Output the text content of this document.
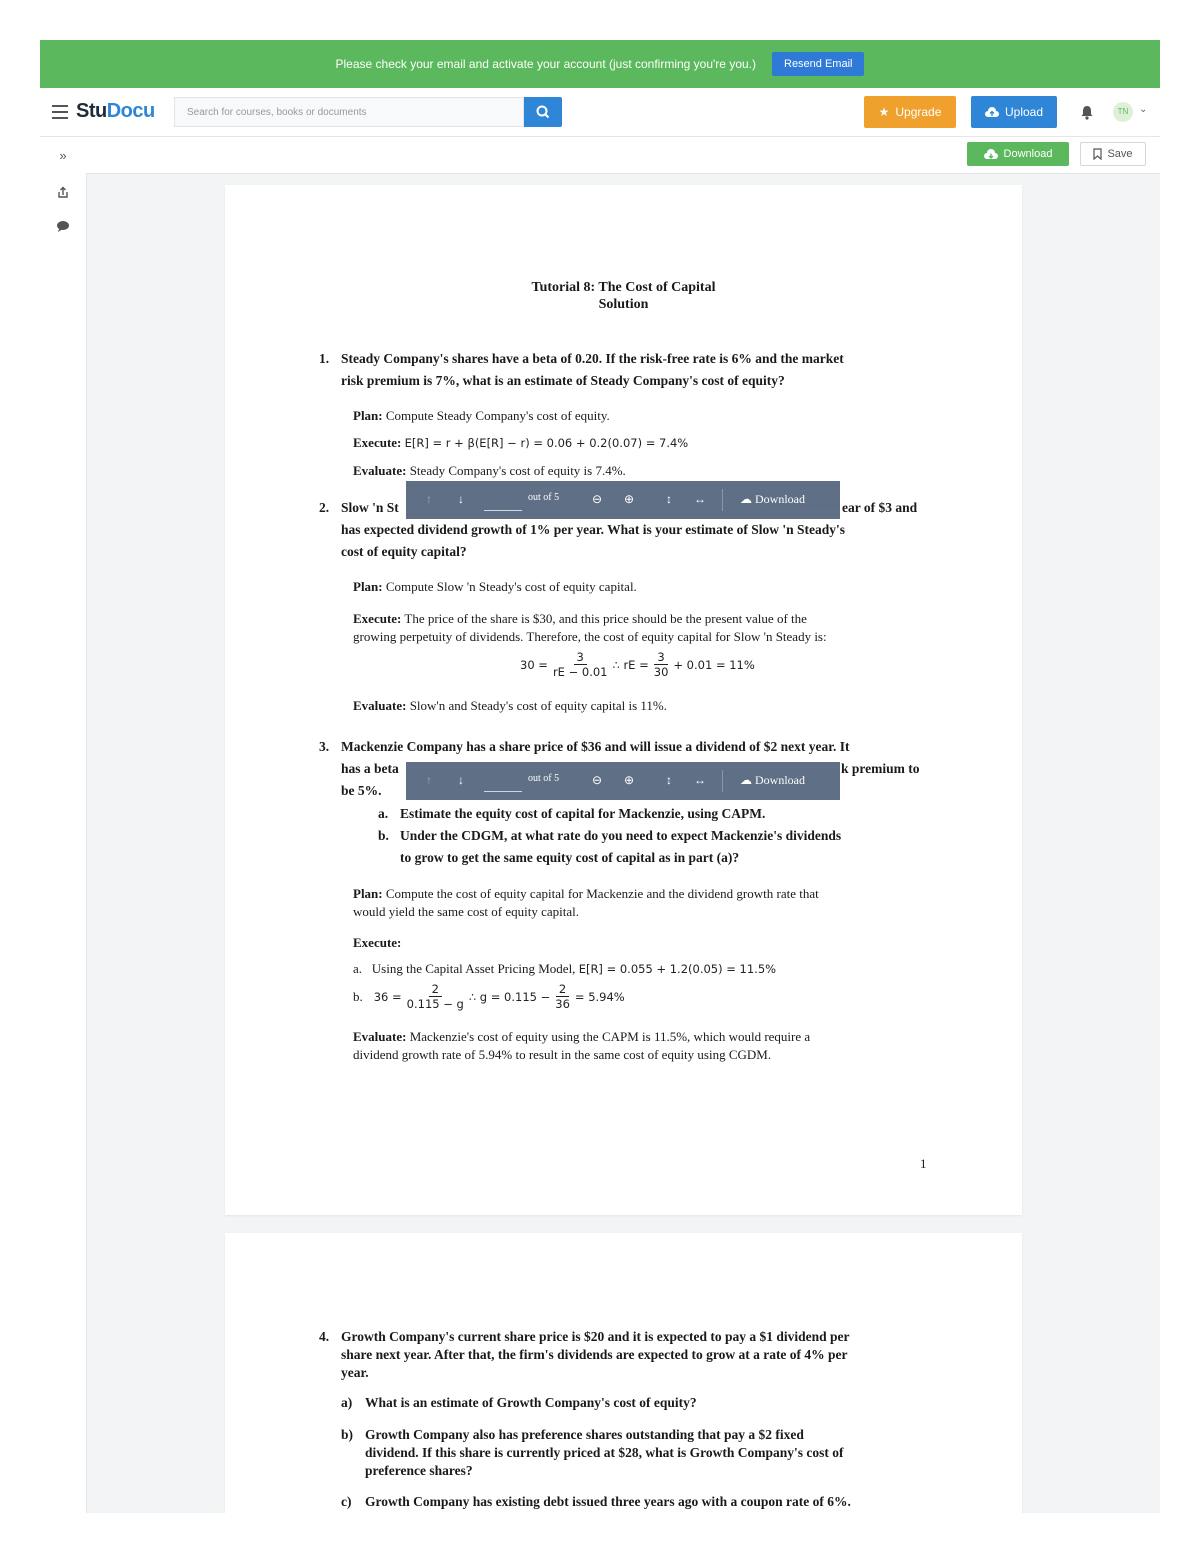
Please check your email and activate your account (just confirming you're you.)	Resend Email
StuDocu	Search for courses, books or documents	★ Upgrade	Upload	TN	⌄
»	Download	Save
Tutorial 8: The Cost of Capital
Solution
1. Steady Company's shares have a beta of 0.20. If the risk-free rate is 6% and the market
risk premium is 7%, what is an estimate of Steady Company's cost of equity?
Plan: Compute Steady Company's cost of equity.
Execute: E[R] = r + β(E[R] − r) = 0.06 + 0.2(0.07) = 7.4%
Evaluate: Steady Company's cost of equity is 7.4%.
2. Slow 'n St	ear of $3 and
has expected dividend growth of 1% per year. What is your estimate of Slow 'n Steady's
cost of equity capital?
Plan: Compute Slow 'n Steady's cost of equity capital.
Execute: The price of the share is $30, and this price should be the present value of the
growing perpetuity of dividends. Therefore, the cost of equity capital for Slow 'n Steady is:
$30 = \frac{3}{rE - 0.01}$ ∴ rE = $\frac{3}{30} + 0.01 = 11\%$
Evaluate: Slow'n and Steady's cost of equity capital is 11%.
3. Mackenzie Company has a share price of $36 and will issue a dividend of $2 next year. It
has a beta	k premium to
be 5%.
a. Estimate the equity cost of capital for Mackenzie, using CAPM.
b. Under the CDGM, at what rate do you need to expect Mackenzie's dividends
to grow to get the same equity cost of capital as in part (a)?
Plan: Compute the cost of equity capital for Mackenzie and the dividend growth rate that
would yield the same cost of equity capital.
Execute:
a. Using the Capital Asset Pricing Model, E[R] = 0.055 + 1.2(0.05) = 11.5%
b.
$36 = \frac{2}{0.115 - g}$ ∴ $g = 0.115 - \frac{2}{36} = 5.94\%$
Evaluate: Mackenzie's cost of equity using the CAPM is 11.5%, which would require a
dividend growth rate of 5.94% to result in the same cost of equity using CGDM.
1
↑ ↓	out of 5	⊖ ⊕	↕ ↔	☁ Download
↑ ↓	out of 5	⊖ ⊕	↕ ↔	☁ Download
4. Growth Company's current share price is $20 and it is expected to pay a $1 dividend per
share next year. After that, the firm's dividends are expected to grow at a rate of 4% per
year.
a) What is an estimate of Growth Company's cost of equity?
b) Growth Company also has preference shares outstanding that pay a $2 fixed
dividend. If this share is currently priced at $28, what is Growth Company's cost of
preference shares?
c) Growth Company has existing debt issued three years ago with a coupon rate of 6%.
